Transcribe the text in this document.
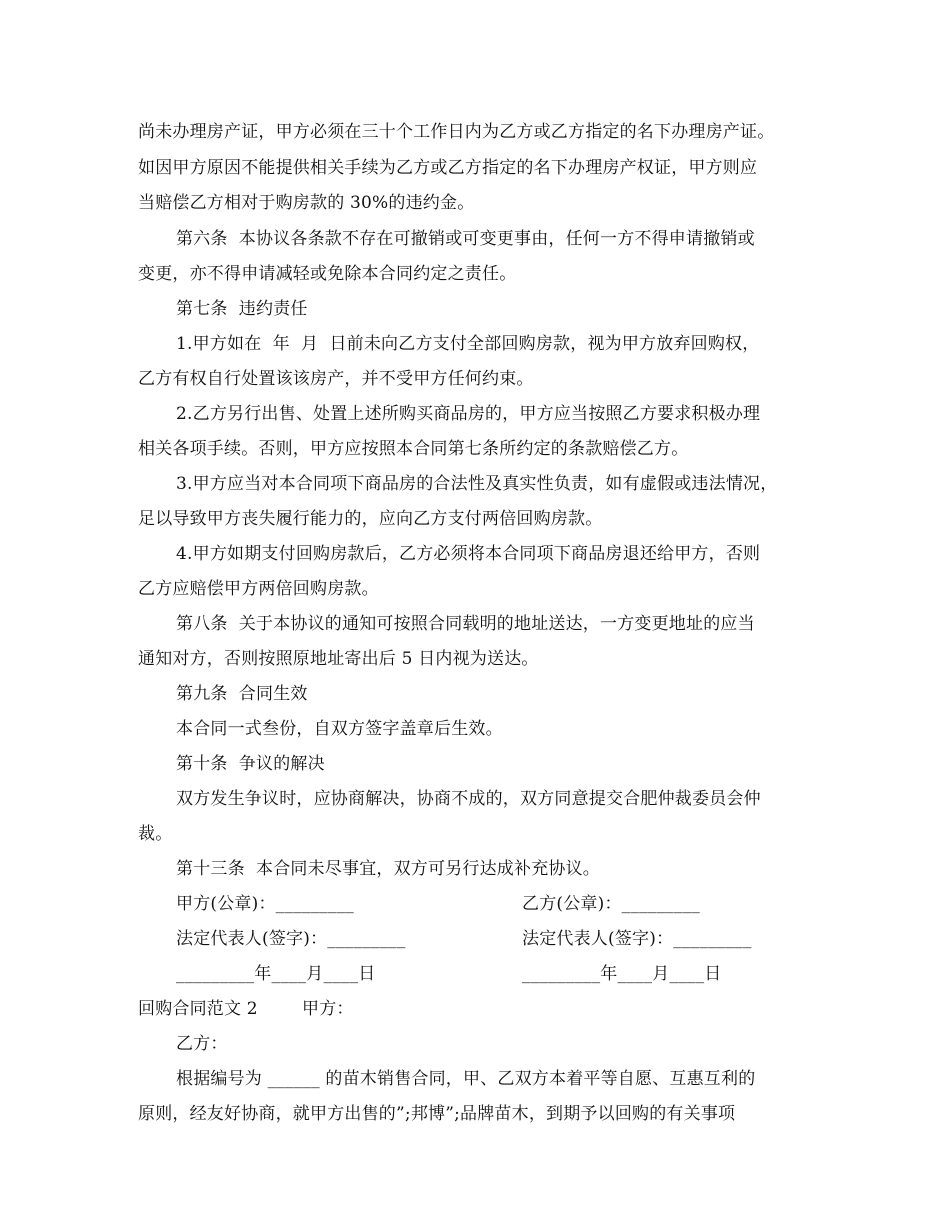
尚未办理房产证，甲方必须在三十个工作日内为乙方或乙方指定的名下办理房产证。
如因甲方原因不能提供相关手续为乙方或乙方指定的名下办理房产权证，甲方则应
当赔偿乙方相对于购房款的 30%的违约金。
第六条  本协议各条款不存在可撤销或可变更事由，任何一方不得申请撤销或
变更，亦不得申请减轻或免除本合同约定之责任。
第七条  违约责任
1.甲方如在  年  月  日前未向乙方支付全部回购房款，视为甲方放弃回购权，
乙方有权自行处置该该房产，并不受甲方任何约束。
2.乙方另行出售、处置上述所购买商品房的，甲方应当按照乙方要求积极办理
相关各项手续。否则，甲方应按照本合同第七条所约定的条款赔偿乙方。
3.甲方应当对本合同项下商品房的合法性及真实性负责，如有虚假或违法情况，
足以导致甲方丧失履行能力的，应向乙方支付两倍回购房款。
4.甲方如期支付回购房款后，乙方必须将本合同项下商品房退还给甲方，否则
乙方应赔偿甲方两倍回购房款。
第八条  关于本协议的通知可按照合同载明的地址送达，一方变更地址的应当
通知对方，否则按照原地址寄出后 5 日内视为送达。
第九条  合同生效
本合同一式叁份，自双方签字盖章后生效。
第十条  争议的解决
双方发生争议时，应协商解决，协商不成的，双方同意提交合肥仲裁委员会仲
裁。
第十三条  本合同未尽事宜，双方可另行达成补充协议。
甲方(公章)：_________	乙方(公章)：_________
法定代表人(签字)：_________	法定代表人(签字)：_________
_________年____月____日	_________年____月____日
回购合同范文 2	甲方：
乙方：
根据编号为 ______ 的苗木销售合同，甲、乙双方本着平等自愿、互惠互利的
原则，经友好协商，就甲方出售的”;邦博”;品牌苗木，到期予以回购的有关事项
